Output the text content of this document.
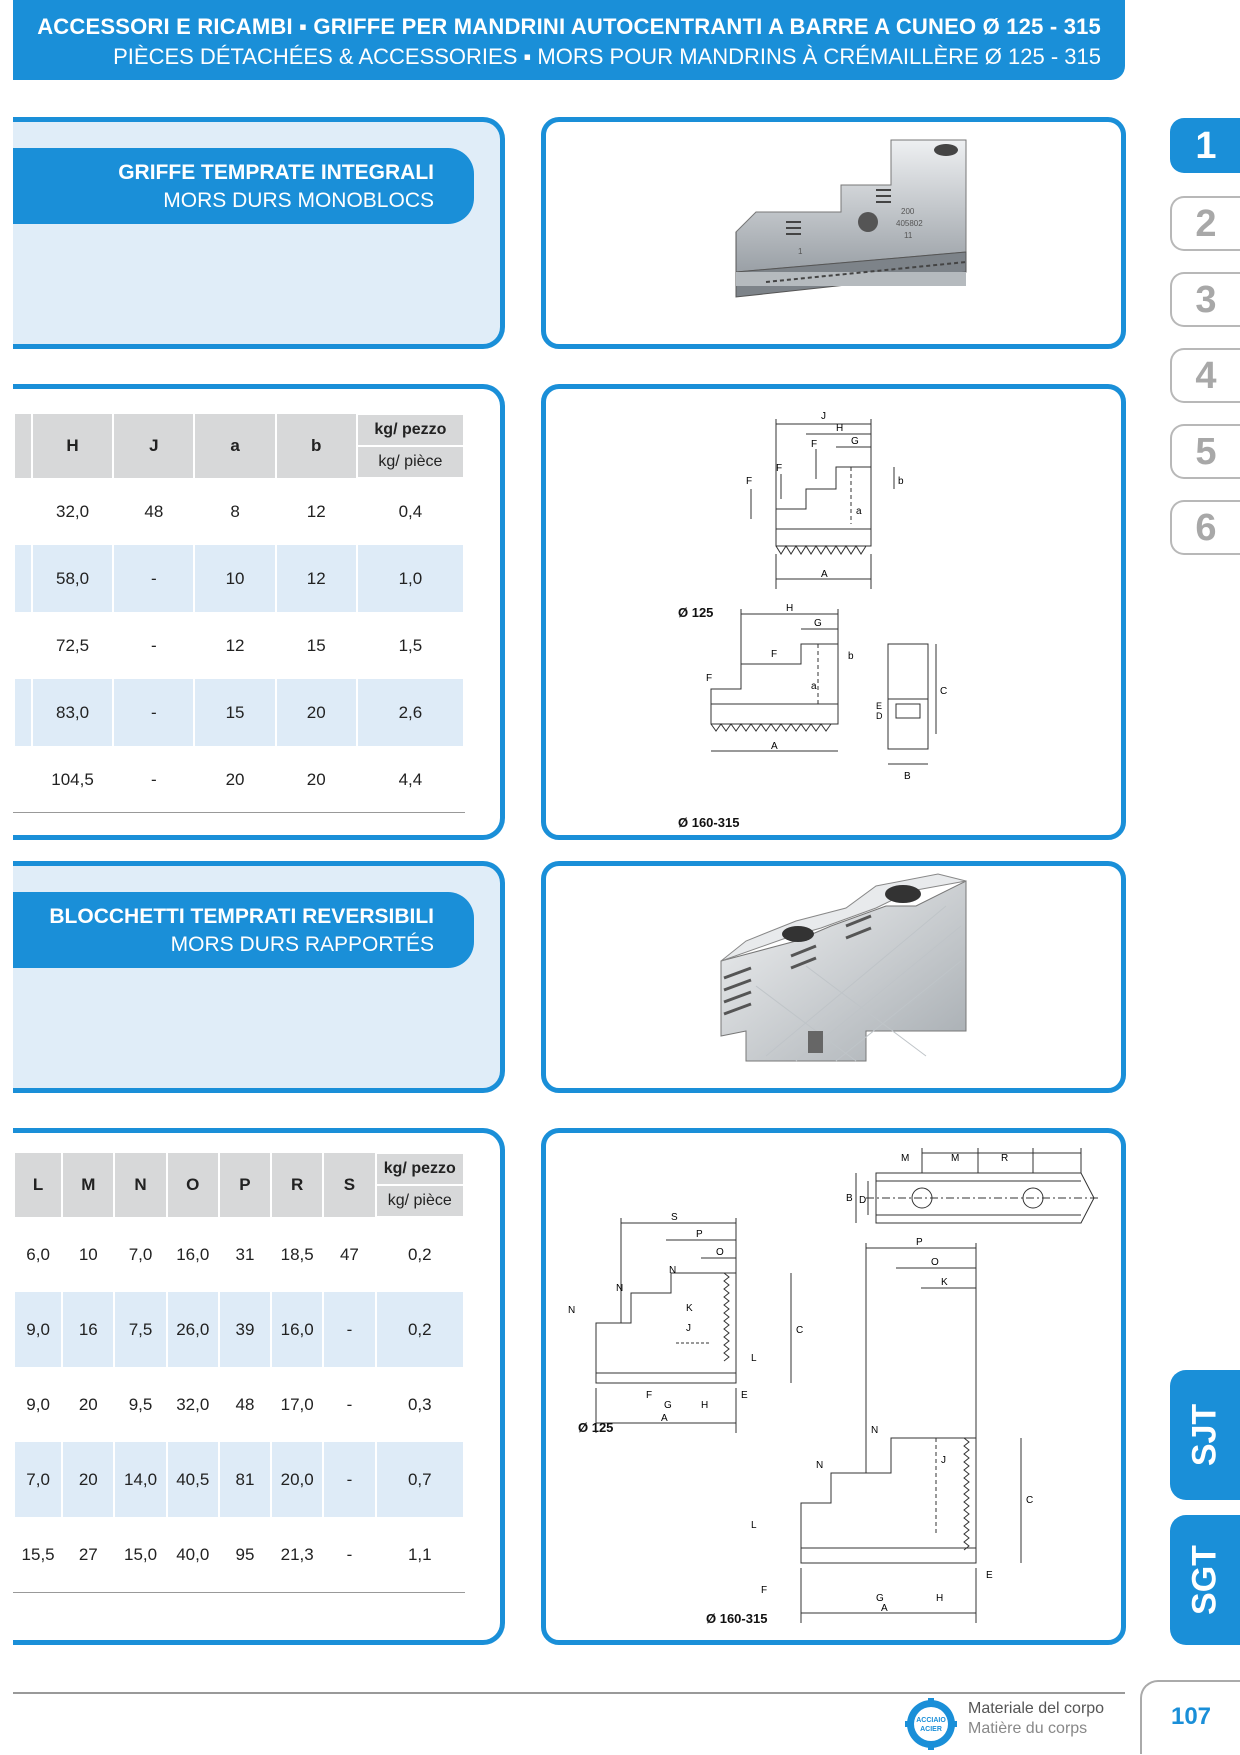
ACCESSORI E RICAMBI ▪ GRIFFE PER MANDRINI AUTOCENTRANTI A BARRE A CUNEO Ø 125 - 315
PIÈCES DÉTACHÉES & ACCESSORIES ▪ MORS POUR MANDRINS À CRÉMAILLÈRE Ø 125 - 315
GRIFFE TEMPRATE INTEGRALI
MORS DURS MONOBLOCS	200
405802
11
1
	H	J	a	b	kg/ pezzo
kg/ pièce

	32,0	48	8	12	0,4
	58,0	-	10	12	1,0
	72,5	-	12	15	1,5
	83,0	-	15	20	2,6
	104,5	-	20	20	4,4
J
H
G
F
F
F
a
b
A
H
G
F
F	b
a
A
D
E
C
B
Ø 125
Ø 160-315
BLOCCHETTI TEMPRATI REVERSIBILI
MORS DURS RAPPORTÉS
L	M	N	O	P	R	S	kg/ pezzo
kg/ pièce

6,0	10	7,0	16,0	31	18,5	47	0,2
9,0	16	7,5	26,0	39	16,0	-	0,2
9,0	20	9,5	32,0	48	17,0	-	0,3
7,0	20	14,0	40,5	81	20,0	-	0,7
15,5	27	15,0	40,0	95	21,3	-	1,1
M	M	R
B D
S
P
O
N
N
N
K
J	C
L
E
F
G	H
A
P
O
K
N
N	J
C
L
E
F
G	H
A
Ø 125
Ø 160-315
1
2
3
4
5
6
SJT
SGT
ACCIAIO
ACIER
Materiale del corpo
Matière du corps	107
